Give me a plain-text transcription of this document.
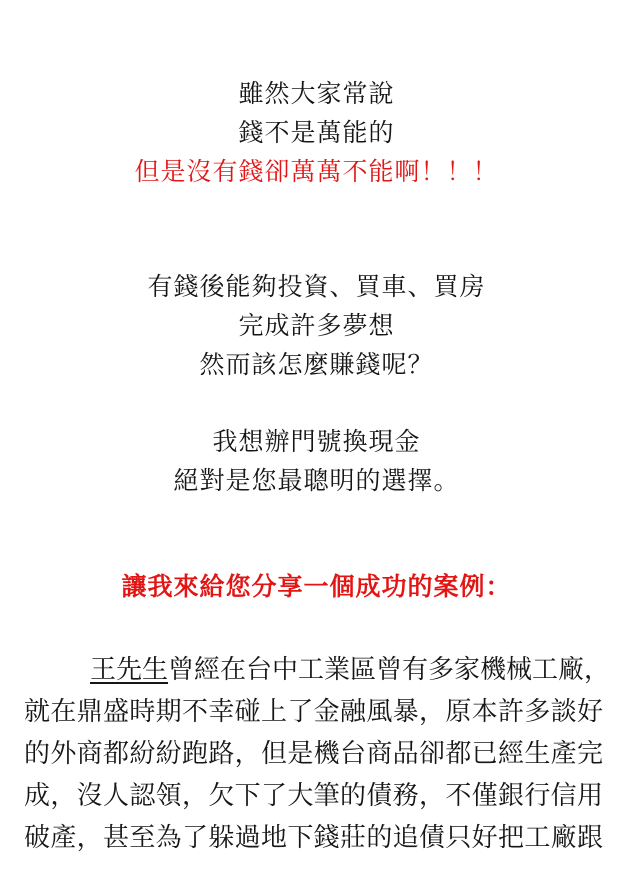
雖然大家常說
錢不是萬能的
但是沒有錢卻萬萬不能啊！！！
有錢後能夠投資、買車、買房
完成許多夢想
然而該怎麼賺錢呢？
我想辦門號換現金
絕對是您最聰明的選擇。
讓我來給您分享一個成功的案例：
王先生曾經在台中工業區曾有多家機械工廠，
就在鼎盛時期不幸碰上了金融風暴，原本許多談好
的外商都紛紛跑路，但是機台商品卻都已經生產完
成，沒人認領，欠下了大筆的債務，不僅銀行信用
破產，甚至為了躲過地下錢莊的追債只好把工廠跟
